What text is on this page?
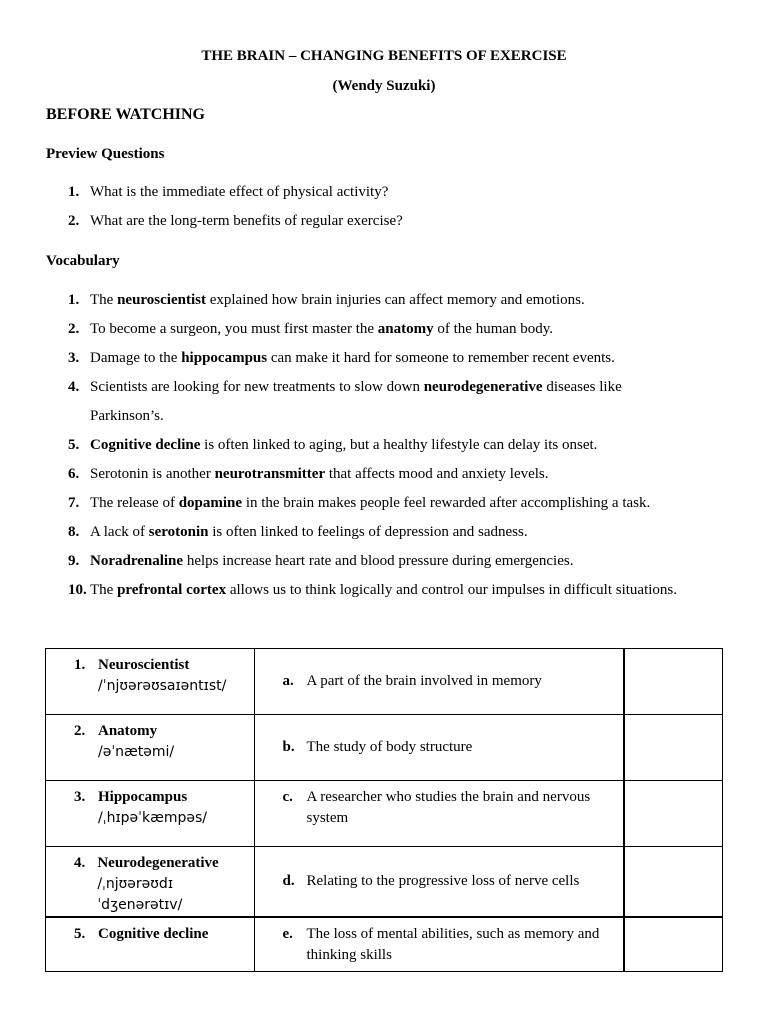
THE BRAIN – CHANGING BENEFITS OF EXERCISE
(Wendy Suzuki)
BEFORE WATCHING
Preview Questions
1. What is the immediate effect of physical activity?
2. What are the long-term benefits of regular exercise?
Vocabulary
1. The neuroscientist explained how brain injuries can affect memory and emotions.
2. To become a surgeon, you must first master the anatomy of the human body.
3. Damage to the hippocampus can make it hard for someone to remember recent events.
4. Scientists are looking for new treatments to slow down neurodegenerative diseases like Parkinson’s.
5. Cognitive decline is often linked to aging, but a healthy lifestyle can delay its onset.
6. Serotonin is another neurotransmitter that affects mood and anxiety levels.
7. The release of dopamine in the brain makes people feel rewarded after accomplishing a task.
8. A lack of serotonin is often linked to feelings of depression and sadness.
9. Noradrenaline helps increase heart rate and blood pressure during emergencies.
10. The prefrontal cortex allows us to think logically and control our impulses in difficult situations.
1. Neuroscientist
/ˈnjʊərəʊsaɪəntɪst/	a. A part of the brain involved in memory	

2. Anatomy
/əˈnætəmi/	b. The study of body structure	

3. Hippocampus
/ˌhɪpəˈkæmpəs/	c. A researcher who studies the brain and nervous system	

4. Neurodegenerative
/ˌnjʊərəʊdɪˈdʒenərətɪv/	d. Relating to the progressive loss of nerve cells	

5. Cognitive decline	e. The loss of mental abilities, such as memory and thinking skills	
